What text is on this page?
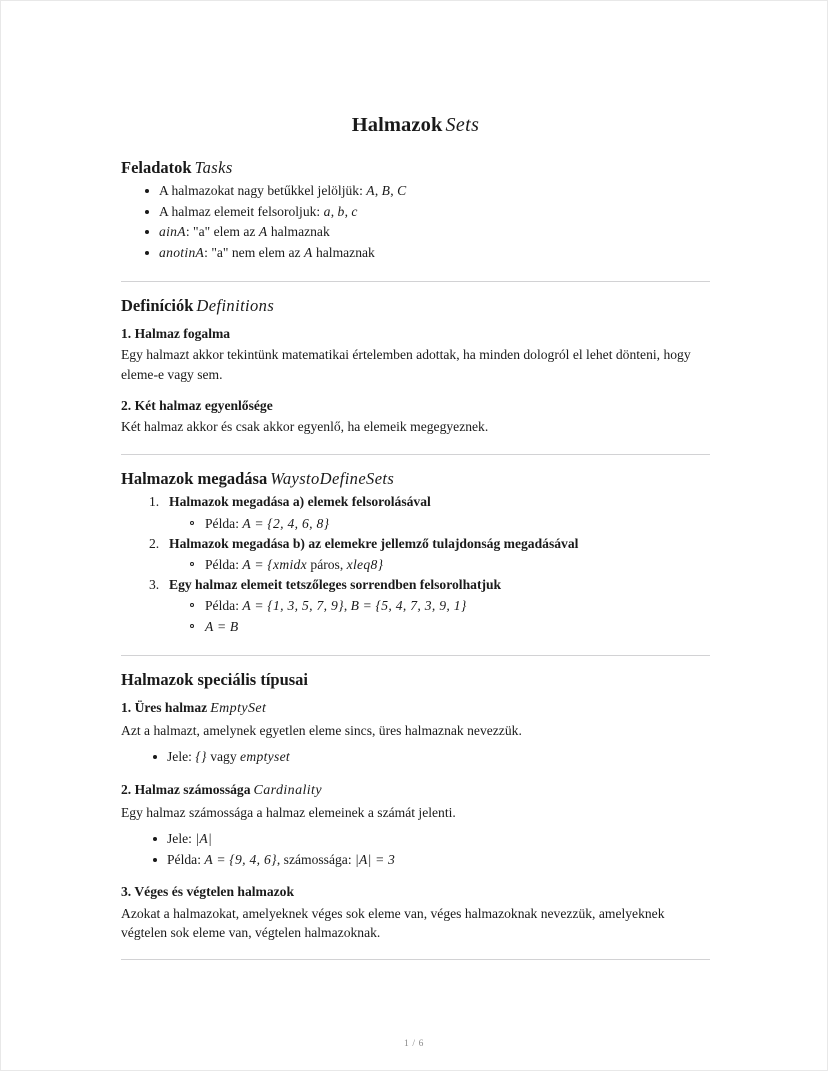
Halmazok Sets
Feladatok Tasks
A halmazokat nagy betűkkel jelöljük: A, B, C
A halmaz elemeit felsoroljuk: a, b, c
ainA: "a" elem az A halmaznak
anotinA: "a" nem elem az A halmaznak
Definíciók Definitions
1. Halmaz fogalma

Egy halmazt akkor tekintünk matematikai értelemben adottak, ha minden dologról el lehet dönteni, hogy eleme-e vagy sem.

2. Két halmaz egyenlősége

Két halmaz akkor és csak akkor egyenlő, ha elemeik megegyeznek.

Halmazok megadása WaystoDefineSets
Halmazok megadása a) elemek felsorolásával
Példa: A = {2, 4, 6, 8}
Halmazok megadása b) az elemekre jellemző tulajdonság megadásával
Példa: A = {xmidx páros, xleq8}
Egy halmaz elemeit tetszőleges sorrendben felsorolhatjuk
Példa: A = {1, 3, 5, 7, 9}, B = {5, 4, 7, 3, 9, 1}
A = B
Halmazok speciális típusai
1. Üres halmaz EmptySet

Azt a halmazt, amelynek egyetlen eleme sincs, üres halmaznak nevezzük.

Jele: {} vagy emptyset
2. Halmaz számossága Cardinality

Egy halmaz számossága a halmaz elemeinek a számát jelenti.

Jele: |A|
Példa: A = {9, 4, 6}, számossága: |A| = 3
3. Véges és végtelen halmazok

Azokat a halmazokat, amelyeknek véges sok eleme van, véges halmazoknak nevezzük, amelyeknek végtelen sok eleme van, végtelen halmazoknak.

1 / 6
